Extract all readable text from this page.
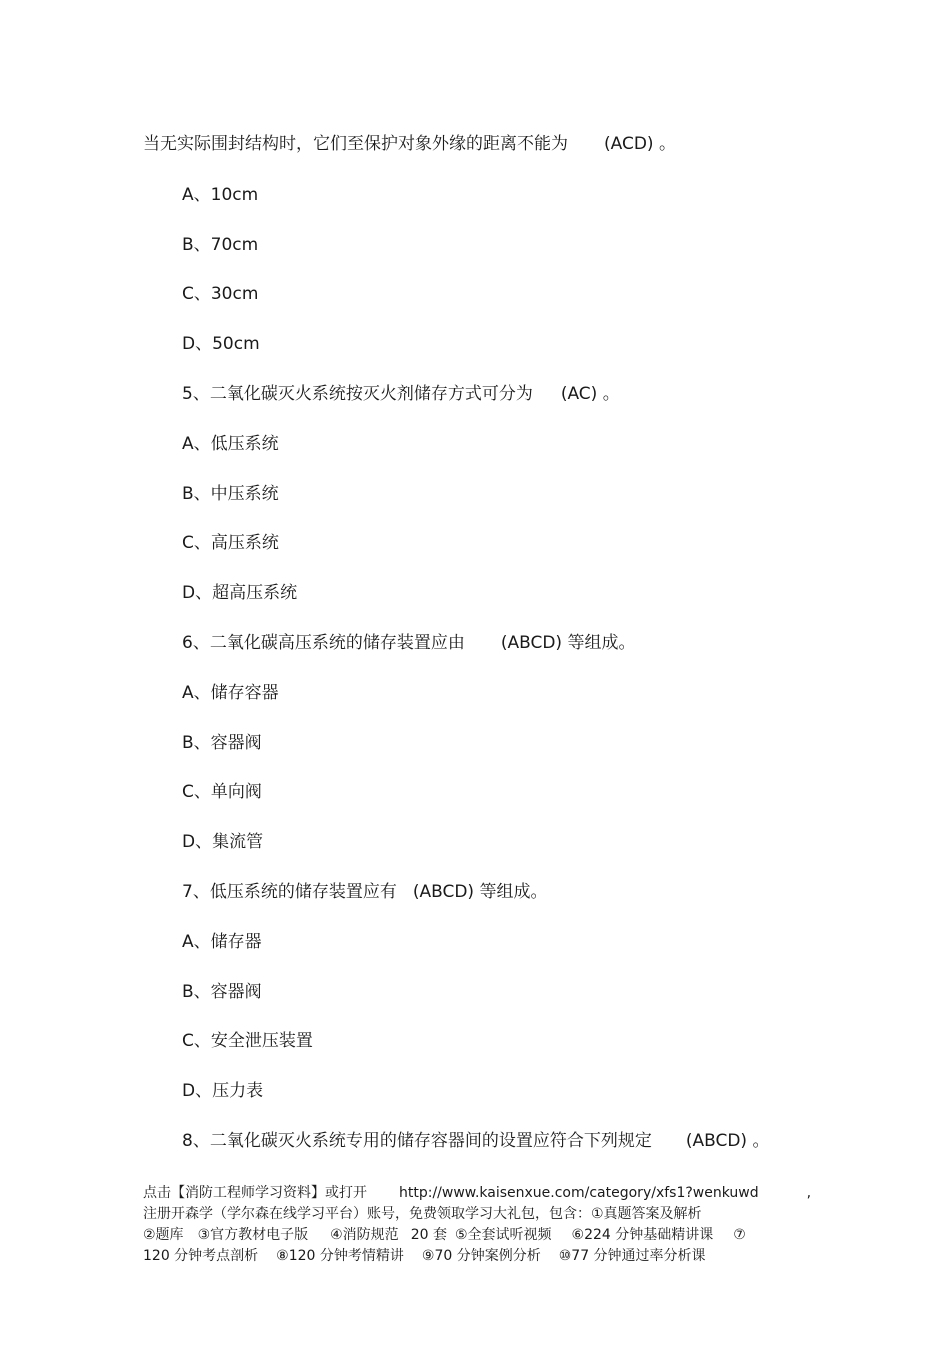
当无实际围封结构时，它们至保护对象外缘的距离不能为 (ACD) 。
A、10cm
B、70cm
C、30cm
D、50cm
5、二氧化碳灭火系统按灭火剂储存方式可分为 (AC) 。
A、低压系统
B、中压系统
C、高压系统
D、超高压系统
6、二氧化碳高压系统的储存装置应由 (ABCD) 等组成。
A、储存容器
B、容器阀
C、单向阀
D、集流管
7、低压系统的储存装置应有 (ABCD) 等组成。
A、储存器
B、容器阀
C、安全泄压装置
D、压力表
8、二氧化碳灭火系统专用的储存容器间的设置应符合下列规定 (ABCD) 。
点击【消防工程师学习资料】或打开 http://www.kaisenxue.com/category/xfs1?wenkuwd	,
注册开森学（学尔森在线学习平台）账号，免费领取学习大礼包，包含：①真题答案及解析
②题库 ③官方教材电子版 ④消防规范 20 套 ⑤全套试听视频 ⑥224 分钟基础精讲课 ⑦
120 分钟考点剖析 ⑧120 分钟考情精讲 ⑨70 分钟案例分析 ⑩77 分钟通过率分析课
